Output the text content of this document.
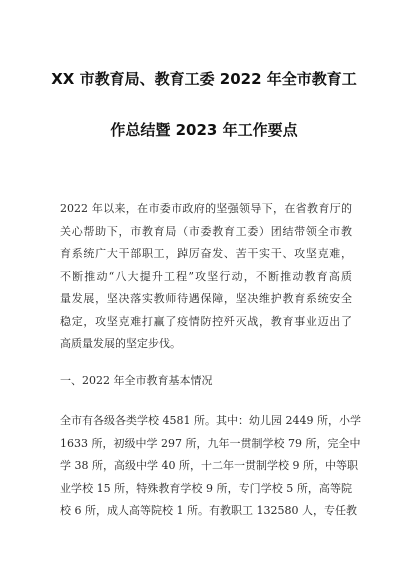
XX 市教育局、教育工委 2022 年全市教育工
作总结暨 2023 年工作要点
2022 年以来，在市委市政府的坚强领导下，在省教育厅的
关心帮助下，市教育局（市委教育工委）团结带领全市教
育系统广大干部职工，踔厉奋发、苦干实干、攻坚克难，
不断推动“八大提升工程”攻坚行动，不断推动教育高质
量发展，坚决落实教师待遇保障，坚决维护教育系统安全
稳定，攻坚克难打赢了疫情防控歼灭战，教育事业迈出了
高质量发展的坚定步伐。
一、2022 年全市教育基本情况
全市有各级各类学校 4581 所。其中：幼儿园 2449 所，小学
1633 所，初级中学 297 所，九年一贯制学校 79 所，完全中
学 38 所，高级中学 40 所，十二年一贯制学校 9 所，中等职
业学校 15 所，特殊教育学校 9 所，专门学校 5 所，高等院
校 6 所，成人高等院校 1 所。有教职工 132580 人，专任教
